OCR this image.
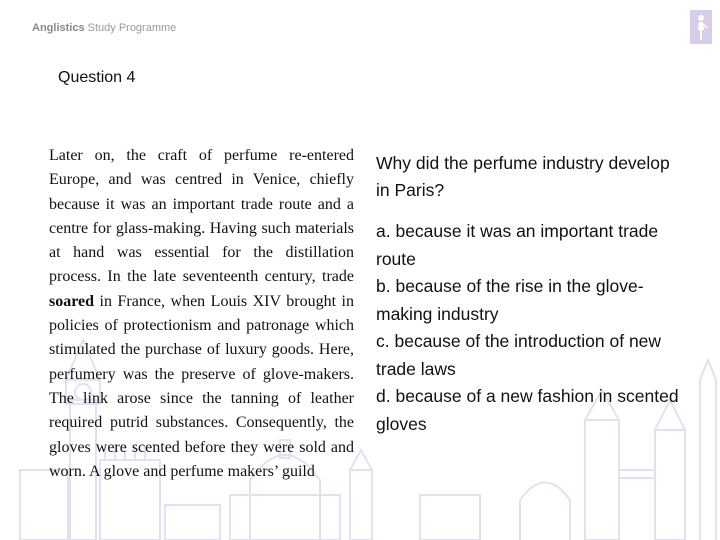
Anglistics Study Programme
Question 4
Later on, the craft of perfume re-entered Europe, and was centred in Venice, chiefly because it was an important trade route and a centre for glass-making. Having such materials at hand was essential for the distillation process. In the late seventeenth century, trade soared in France, when Louis XIV brought in policies of protectionism and patronage which stimulated the purchase of luxury goods. Here, perfumery was the preserve of glove-makers. The link arose since the tanning of leather required putrid substances. Consequently, the gloves were scented before they were sold and worn. A glove and perfume makers’ guild
Why did the perfume industry develop in Paris?
a. because it was an important trade route
b. because of the rise in the glove-making industry
c. because of the introduction of new trade laws
d. because of a new fashion in scented gloves
